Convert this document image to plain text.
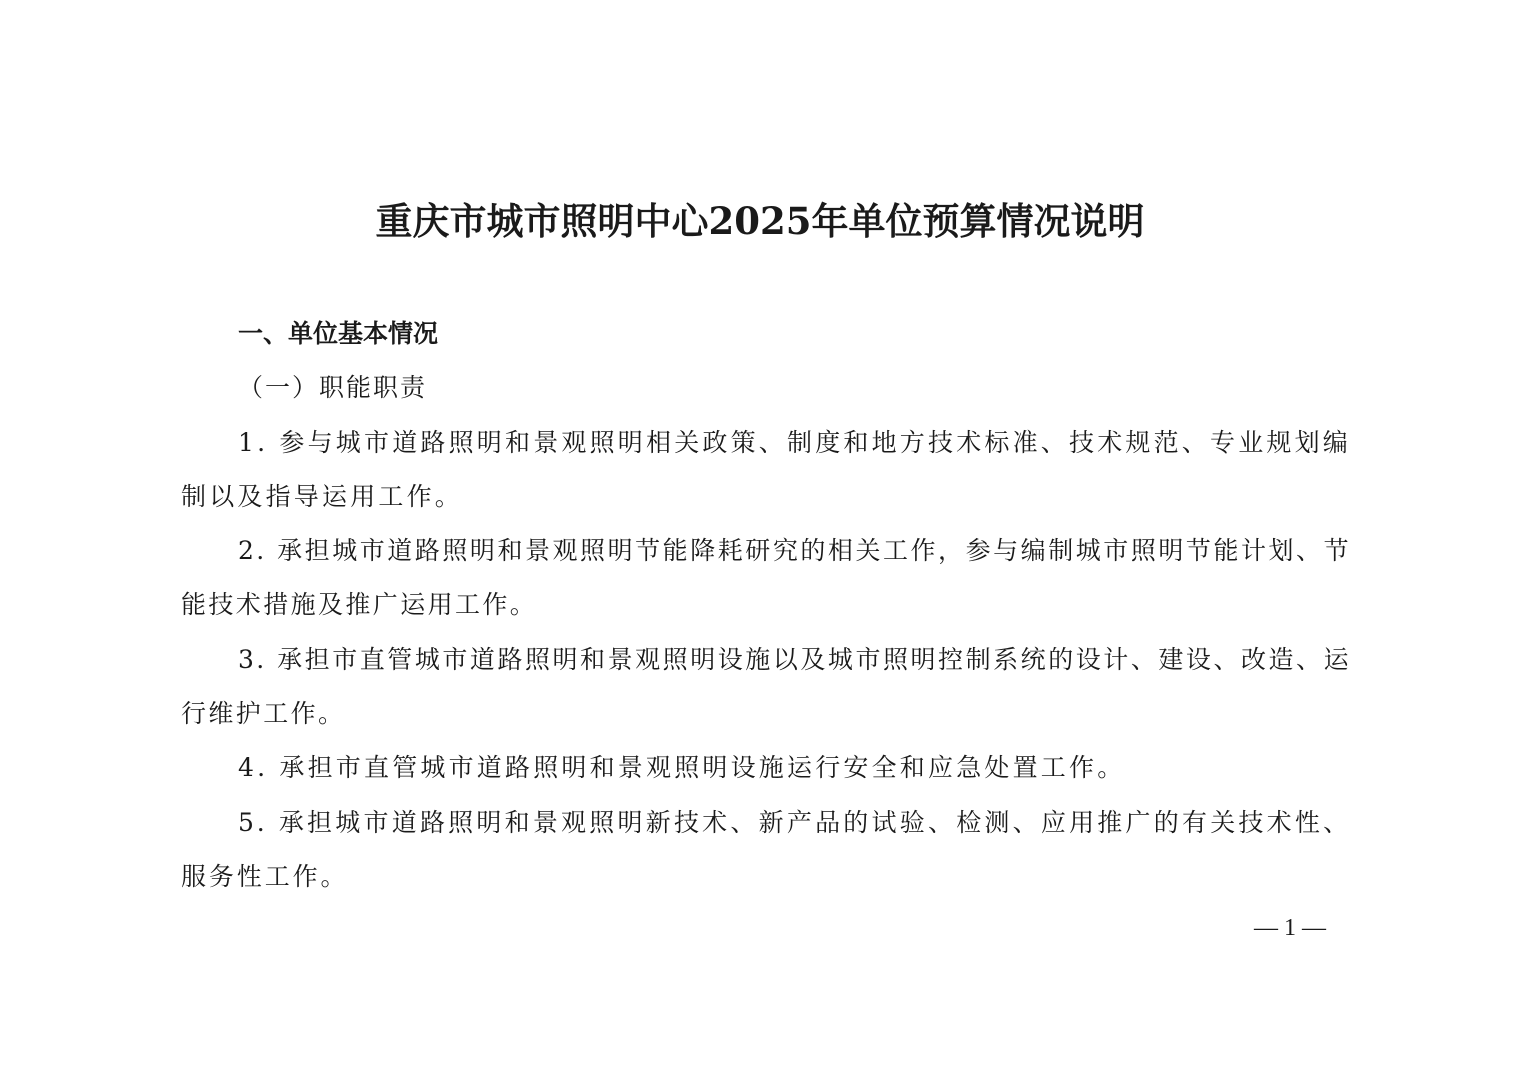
重庆市城市照明中心2025年单位预算情况说明
一、单位基本情况
（一）职能职责

1. 参与城市道路照明和景观照明相关政策、制度和地方技术标准、技术规范、专业规划编制以及指导运用工作。

2. 承担城市道路照明和景观照明节能降耗研究的相关工作，参与编制城市照明节能计划、节能技术措施及推广运用工作。

3. 承担市直管城市道路照明和景观照明设施以及城市照明控制系统的设计、建设、改造、运行维护工作。

4. 承担市直管城市道路照明和景观照明设施运行安全和应急处置工作。

5. 承担城市道路照明和景观照明新技术、新产品的试验、检测、应用推广的有关技术性、服务性工作。

— 1 —
